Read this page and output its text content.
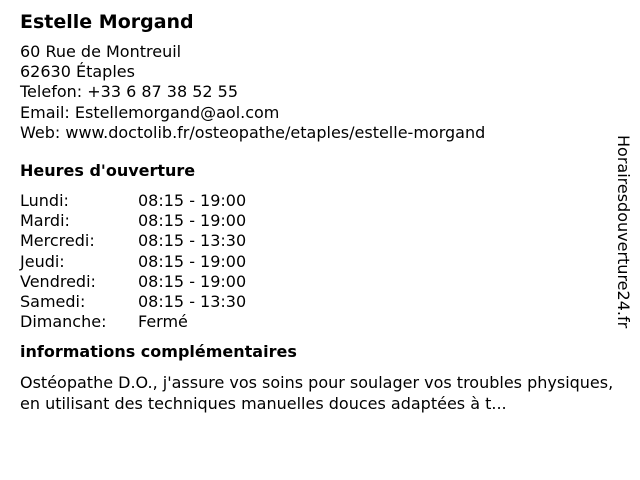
Estelle Morgand
60 Rue de Montreuil
62630 Étaples
Telefon: +33 6 87 38 52 55
Email: Estellemorgand@aol.com
Web: www.doctolib.fr/osteopathe/etaples/estelle-morgand
Heures d'ouverture
Lundi:	08:15 - 19:00
Mardi:	08:15 - 19:00
Mercredi:	08:15 - 13:30
Jeudi:	08:15 - 19:00
Vendredi:	08:15 - 19:00
Samedi:	08:15 - 13:30
Dimanche: Fermé
informations complémentaires
Ostéopathe D.O., j'assure vos soins pour soulager vos troubles physiques, en utilisant des techniques manuelles douces adaptées à t...
Horairesdouverture24.fr
